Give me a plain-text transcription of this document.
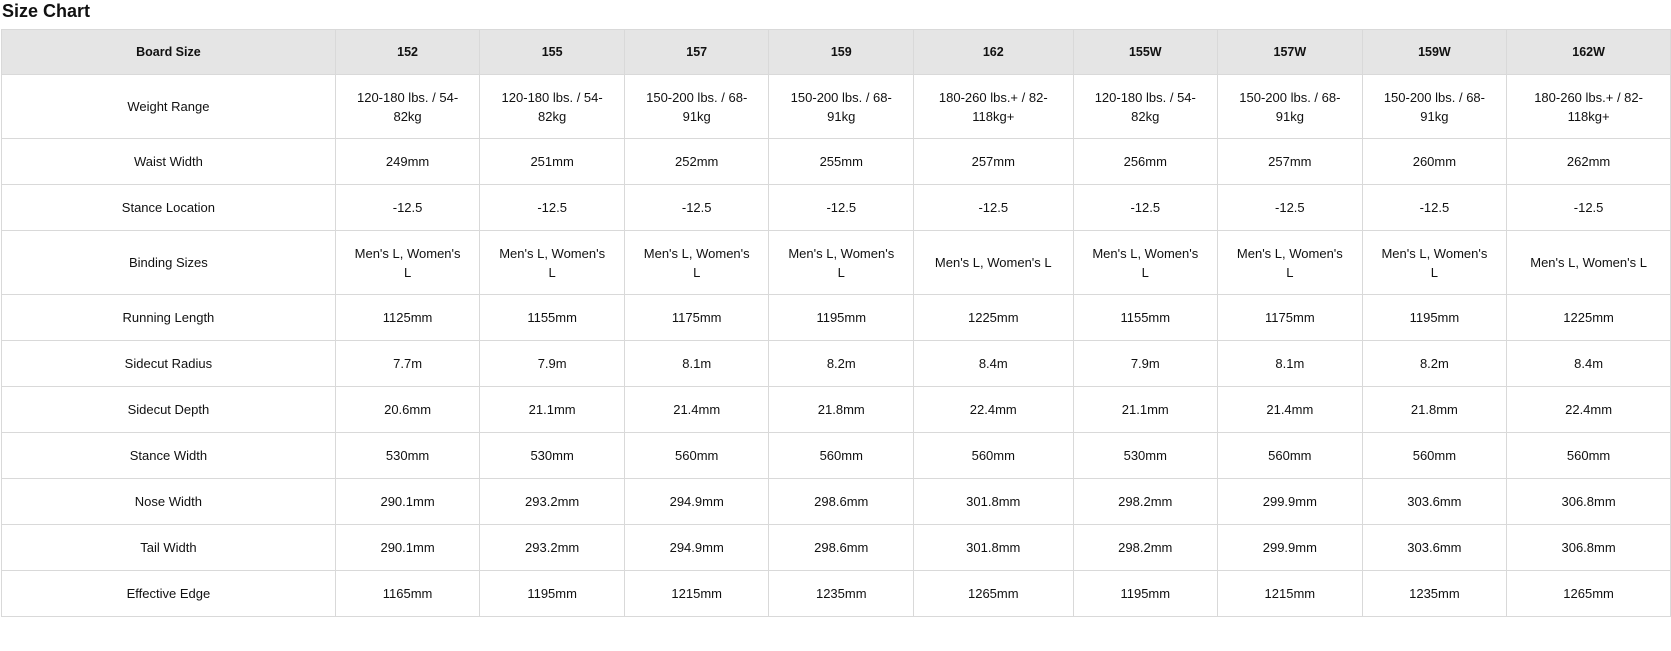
Size Chart
Board Size	152	155	157	159	162	155W	157W	159W	162W
Weight Range	120-180 lbs. / 54-82kg	120-180 lbs. / 54-82kg	150-200 lbs. / 68-91kg	150-200 lbs. / 68-91kg	180-260 lbs.+ / 82-118kg+	120-180 lbs. / 54-82kg	150-200 lbs. / 68-91kg	150-200 lbs. / 68-91kg	180-260 lbs.+ / 82-118kg+
Waist Width	249mm	251mm	252mm	255mm	257mm	256mm	257mm	260mm	262mm
Stance Location	-12.5	-12.5	-12.5	-12.5	-12.5	-12.5	-12.5	-12.5	-12.5
Binding Sizes	Men's L, Women's L	Men's L, Women's L	Men's L, Women's L	Men's L, Women's L	Men's L, Women's L	Men's L, Women's L	Men's L, Women's L	Men's L, Women's L	Men's L, Women's L
Running Length	1125mm	1155mm	1175mm	1195mm	1225mm	1155mm	1175mm	1195mm	1225mm
Sidecut Radius	7.7m	7.9m	8.1m	8.2m	8.4m	7.9m	8.1m	8.2m	8.4m
Sidecut Depth	20.6mm	21.1mm	21.4mm	21.8mm	22.4mm	21.1mm	21.4mm	21.8mm	22.4mm
Stance Width	530mm	530mm	560mm	560mm	560mm	530mm	560mm	560mm	560mm
Nose Width	290.1mm	293.2mm	294.9mm	298.6mm	301.8mm	298.2mm	299.9mm	303.6mm	306.8mm
Tail Width	290.1mm	293.2mm	294.9mm	298.6mm	301.8mm	298.2mm	299.9mm	303.6mm	306.8mm
Effective Edge	1165mm	1195mm	1215mm	1235mm	1265mm	1195mm	1215mm	1235mm	1265mm
